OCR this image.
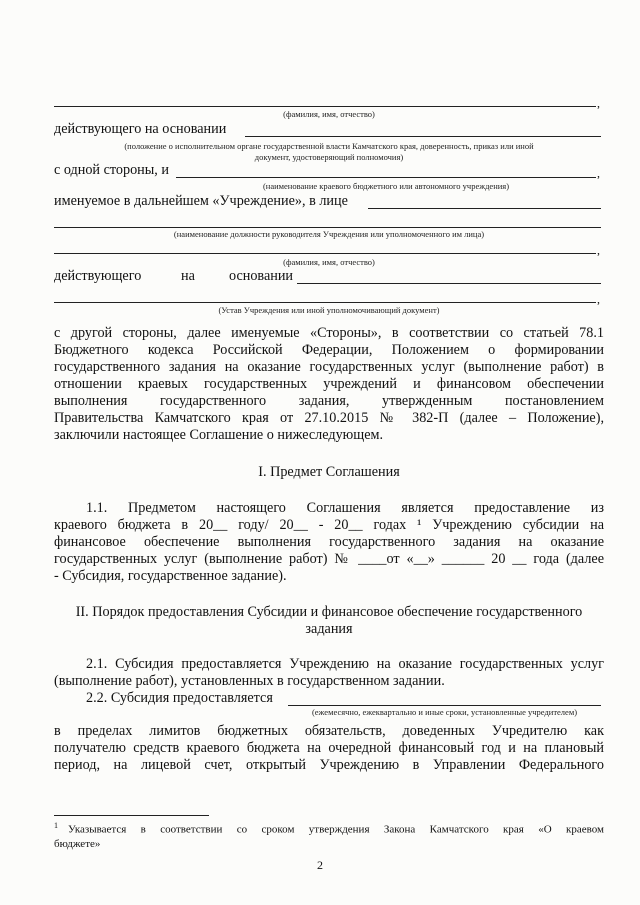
,
(фамилия, имя, отчество)
действующего на основании
(положение о исполнительном органе государственной власти Камчатского края, доверенность, приказ или иной
документ, удостоверяющий полномочия)
с одной стороны, и	,
(наименование краевого бюджетного или автономного учреждения)
именуемое в дальнейшем «Учреждение», в лице
(наименование должности руководителя Учреждения или уполномоченного им лица)
,
(фамилия, имя, отчество)
действующего	на основании
,
(Устав Учреждения или иной уполномочивающий документ)
с другой стороны, далее именуемые «Стороны», в соответствии со статьей 78.1
Бюджетного кодекса Российской Федерации, Положением о формировании
государственного задания на оказание государственных услуг (выполнение работ) в
отношении краевых государственных учреждений и финансовом обеспечении
выполнения государственного задания, утвержденным постановлением
Правительства Камчатского края от 27.10.2015 № 382-П (далее – Положение),
заключили настоящее Соглашение о нижеследующем.
I. Предмет Соглашения
1.1. Предметом настоящего Соглашения является предоставление из
краевого бюджета в 20__ году/ 20__ - 20__ годах ¹ Учреждению субсидии на
финансовое обеспечение выполнения государственного задания на оказание
государственных услуг (выполнение работ) № ____от «__» ______ 20 __ года (далее
- Субсидия, государственное задание).
II. Порядок предоставления Субсидии и финансовое обеспечение государственного
задания
2.1. Субсидия предоставляется Учреждению на оказание государственных услуг
(выполнение работ), установленных в государственном задании.
2.2. Субсидия предоставляется
(ежемесячно, ежеквартально и иные сроки, установленные учредителем)
в пределах лимитов бюджетных обязательств, доведенных Учредителю как
получателю средств краевого бюджета на очередной финансовый год и на плановый
период, на лицевой счет, открытый Учреждению в Управлении Федерального
$^1$ Указывается в соответствии со сроком утверждения Закона Камчатского края «О краевом
бюджете»
2
